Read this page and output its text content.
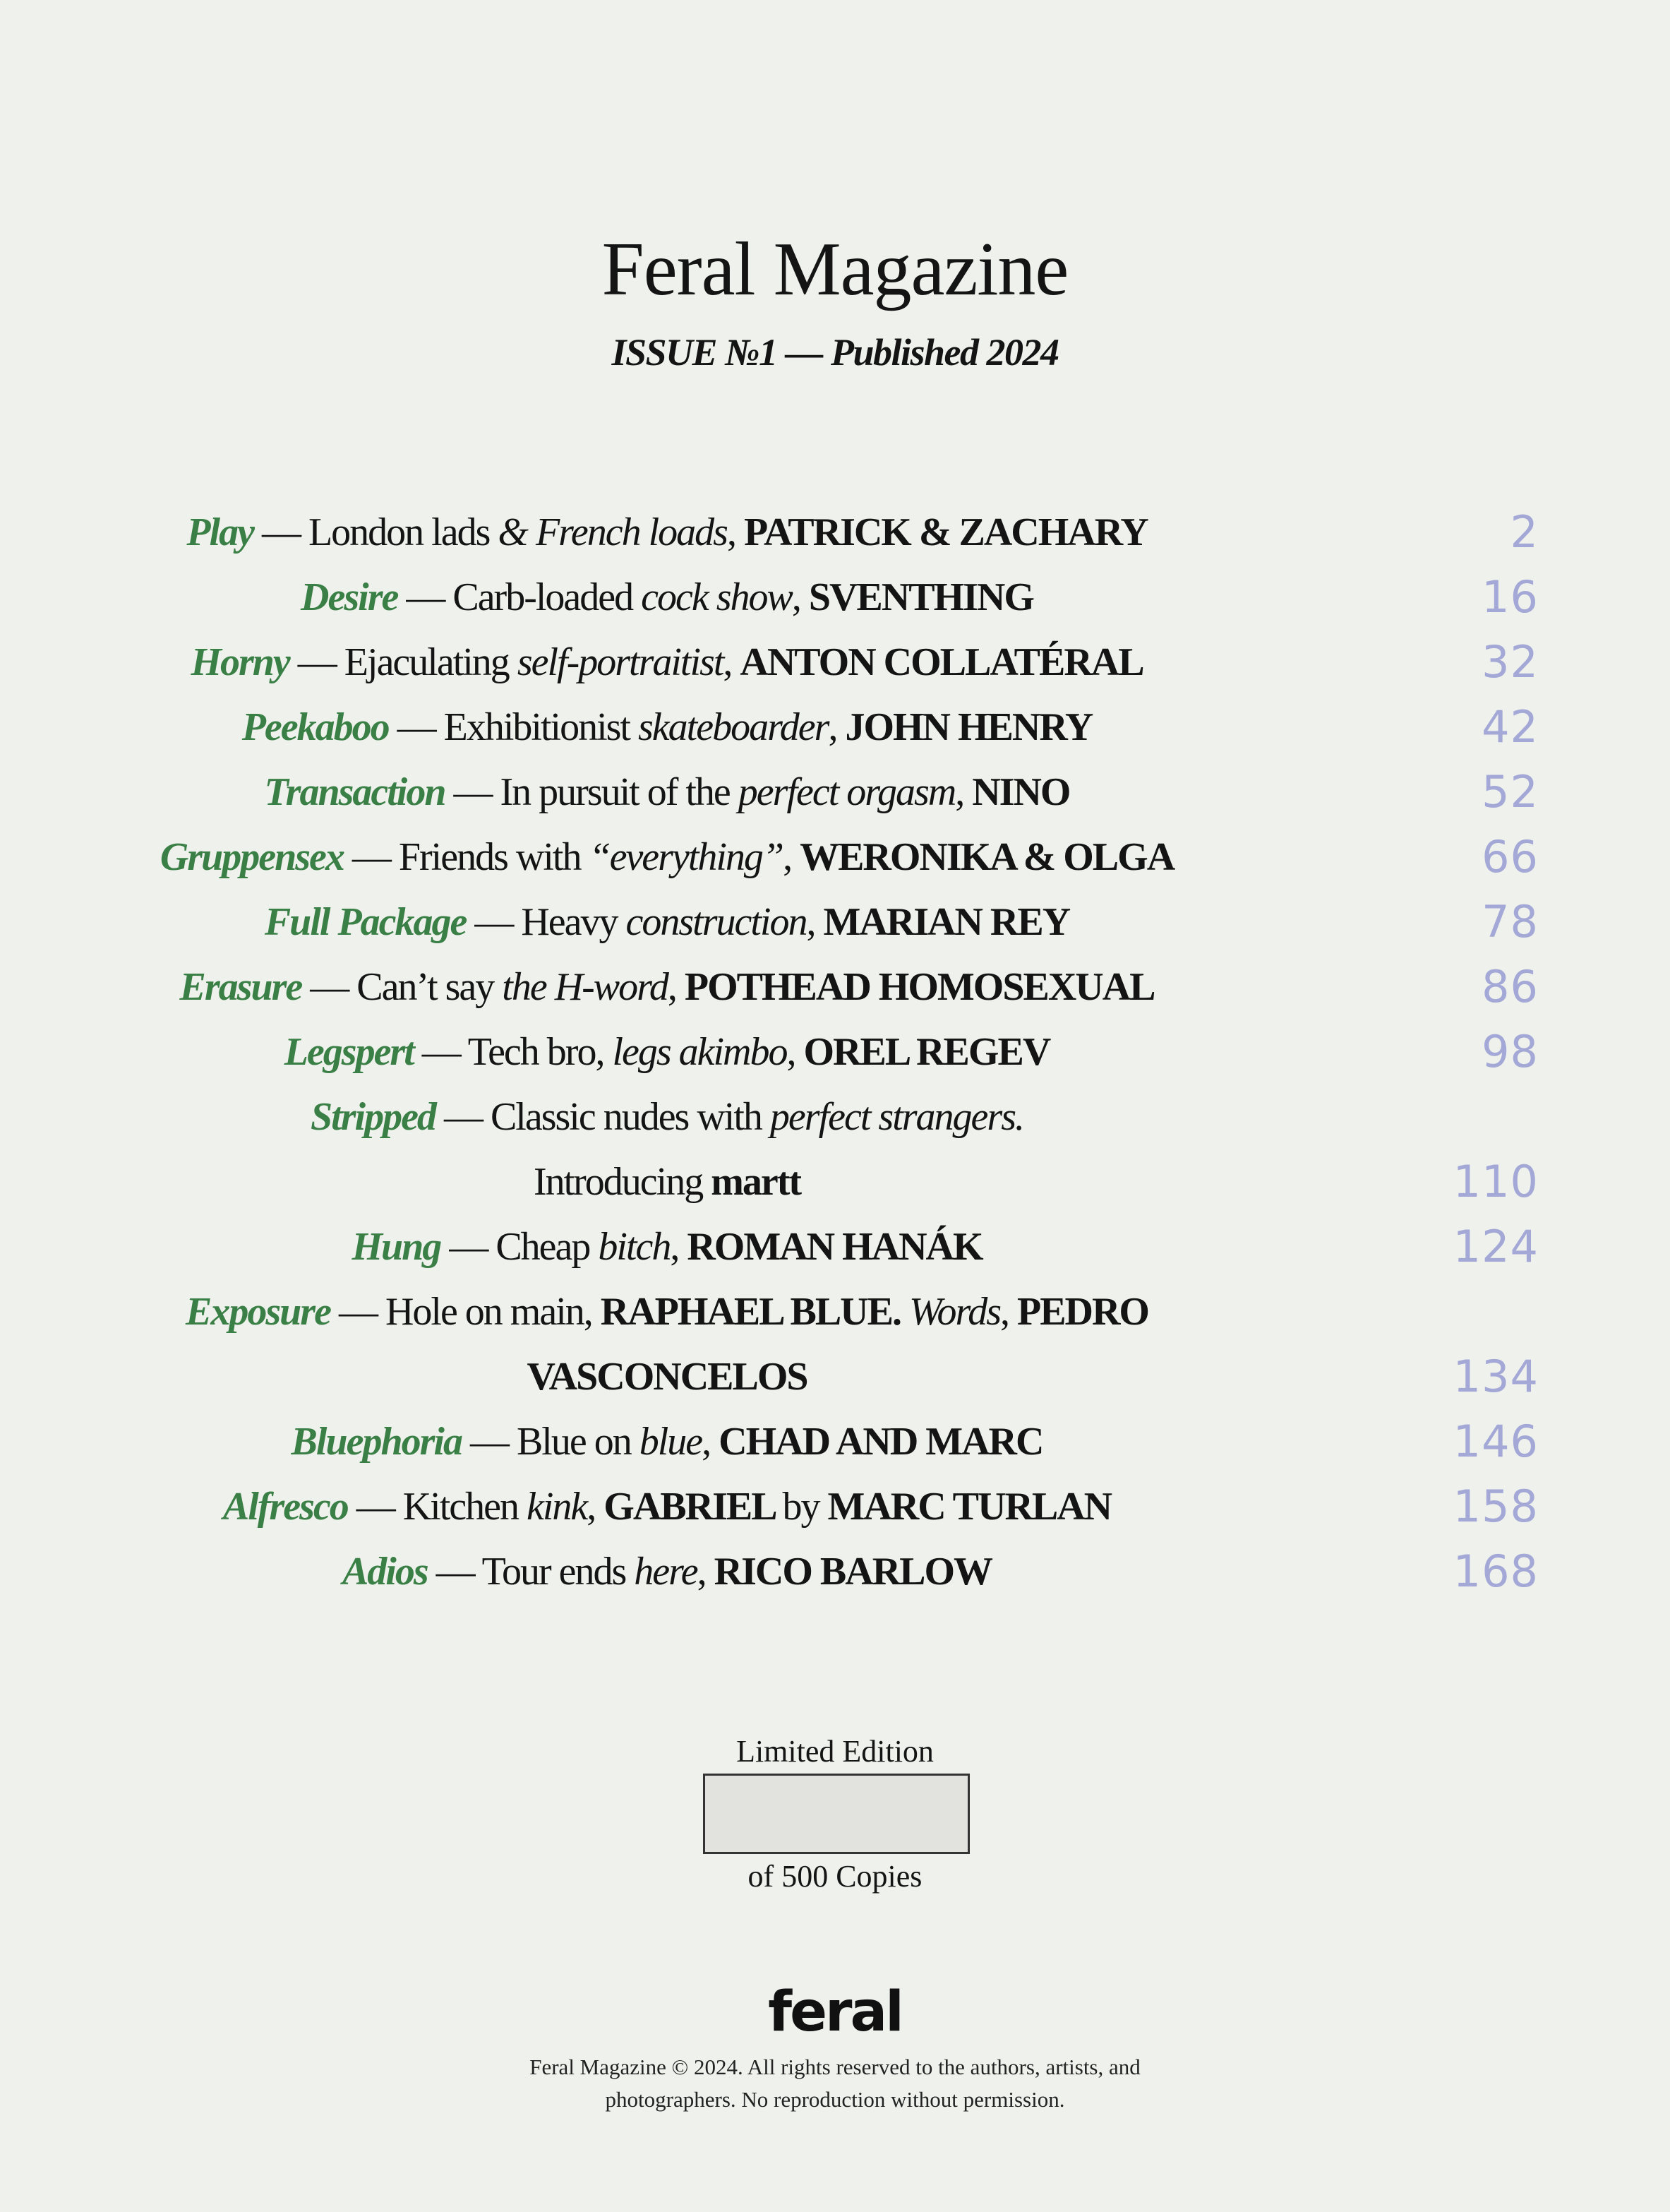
Feral Magazine
ISSUE №1 — Published 2024
Play — London lads & French loads, PATRICK & ZACHARY	2
Desire — Carb-loaded cock show, SVENTHING	16
Horny — Ejaculating self-portraitist, ANTON COLLATÉRAL	32
Peekaboo — Exhibitionist skateboarder, JOHN HENRY	42
Transaction — In pursuit of the perfect orgasm, NINO	52
Gruppensex — Friends with “everything”, WERONIKA & OLGA	66
Full Package — Heavy construction, MARIAN REY	78
Erasure — Can’t say the H-word, POTHEAD HOMOSEXUAL	86
Legspert — Tech bro, legs akimbo, OREL REGEV	98
Stripped — Classic nudes with perfect strangers.
Introducing martt	110
Hung — Cheap bitch, ROMAN HANÁK	124
Exposure — Hole on main, RAPHAEL BLUE. Words, PEDRO
VASCONCELOS	134
Bluephoria — Blue on blue, CHAD AND MARC	146
Alfresco — Kitchen kink, GABRIEL by MARC TURLAN	158
Adios — Tour ends here, RICO BARLOW	168
Limited Edition
of 500 Copies
feral
Feral Magazine © 2024. All rights reserved to the authors, artists, and
photographers. No reproduction without permission.
